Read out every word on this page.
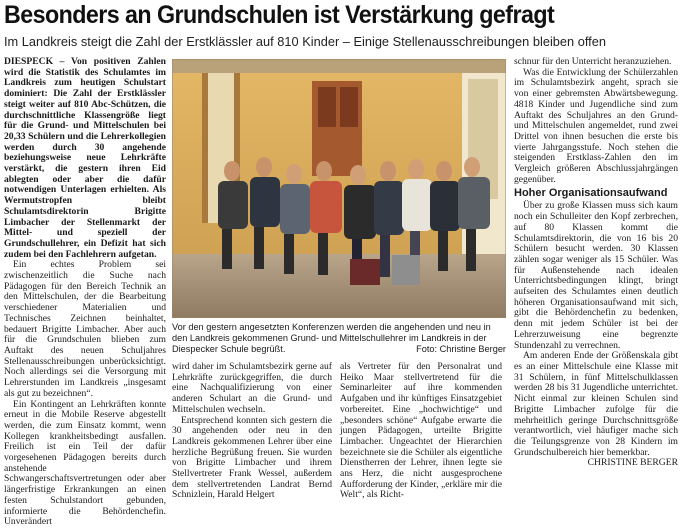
Besonders an Grundschulen ist Verstärkung gefragt
Im Landkreis steigt die Zahl der Erstklässler auf 810 Kinder – Einige Stellenausschreibungen bleiben offen

DIESPECK – Von positiven Zahlen wird die Statistik des Schulamtes im Landkreis zum heutigen Schulstart dominiert: Die Zahl der Erstklässler steigt weiter auf 810 Abc-Schützen, die durchschnittliche Klassengröße liegt für die Grund- und Mittelschulen bei 20,33 Schülern und die Lehrerkollegien werden durch 30 angehende beziehungsweise neue Lehrkräfte verstärkt, die gestern ihren Eid ablegten oder aber die dafür notwendigen Unterlagen erhielten. Als Wermutstropfen bleibt Schulamtsdirektorin Brigitte Limbacher der Stellenmarkt der Mittel- und speziell der Grundschullehrer, ein Defizit hat sich zudem bei den Fachlehrern aufgetan.

Ein echtes Problem sei zwischenzeitlich die Suche nach Pädagogen für den Bereich Technik an den Mittelschulen, der die Bearbeitung verschiedener Materialien und Technisches Zeichnen beinhaltet, bedauert Brigitte Limbacher. Aber auch für die Grundschulen blieben zum Auftakt des neuen Schuljahres Stellenausschreibungen unberücksichtigt. Noch allerdings sei die Versorgung mit Lehrerstunden im Landkreis „insgesamt als gut zu bezeichnen“.

Ein Kontingent an Lehrkräften konnte erneut in die Mobile Reserve abgestellt werden, die zum Einsatz kommt, wenn Kollegen krankheitsbedingt ausfallen. Freilich ist ein Teil der dafür vorgesehenen Pädagogen bereits durch anstehende Schwangerschaftsvertretungen oder aber längerfristige Erkrankungen an einen festen Schulstandort gebunden, informierte die Behördenchefin. Unverändert

Vor den gestern angesetzten Konferenzen werden die angehenden und neu in den Landkreis gekommenen Grund- und Mittelschullehrer im Landkreis in der Diespecker Schule begrüßt.	Foto: Christine Berger

wird daher im Schulamtsbezirk gerne auf Lehrkräfte zurückgegriffen, die durch eine Nachqualifizierung von einer anderen Schulart an die Grund- und Mittelschulen wechseln.

Entsprechend konnten sich gestern die 30 angehenden oder neu in den Landkreis gekommenen Lehrer über eine herzliche Begrüßung freuen. Sie wurden von Brigitte Limbacher und ihrem Stellvertreter Frank Wessel, außerdem dem stellvertretenden Landrat Bernd Schnizlein, Harald Helgert

als Vertreter für den Personalrat und Heiko Maar stellvertretend für die Seminarleiter auf ihre kommenden Aufgaben und ihr künftiges Einsatzgebiet vorbereitet. Eine „hochwichtige“ und „besonders schöne“ Aufgabe erwarte die jungen Pädagogen, urteilte Brigitte Limbacher. Ungeachtet der Hierarchien bezeichnete sie die Schüler als eigentliche Dienstherren der Lehrer, ihnen legte sie ans Herz, die nicht ausgesprochene Aufforderung der Kinder, „erkläre mir die Welt“, als Richt-

schnur für den Unterricht heranzuziehen.

Was die Entwicklung der Schülerzahlen im Schulamtsbezirk angeht, sprach sie von einer gebremsten Abwärtsbewegung. 4818 Kinder und Jugendliche sind zum Auftakt des Schuljahres an den Grund- und Mittelschulen angemeldet, rund zwei Drittel von ihnen besuchen die erste bis vierte Jahrgangsstufe. Noch stehen die steigenden Erstklass-Zahlen den im Vergleich größeren Abschlussjahrgängen gegenüber.

Hoher Organisationsaufwand

Über zu große Klassen muss sich kaum noch ein Schulleiter den Kopf zerbrechen, auf 80 Klassen kommt die Schulamtsdirektorin, die von 16 bis 20 Schülern besucht werden. 30 Klassen zählen sogar weniger als 15 Schüler. Was für Außenstehende nach idealen Unterrichtsbedingungen klingt, bringt aufseiten des Schulamtes einen deutlich höheren Organisationsaufwand mit sich, gibt die Behördenchefin zu bedenken, denn mit jedem Schüler ist bei der Lehrerzuweisung eine begrenzte Stundenzahl zu verrechnen.

Am anderen Ende der Größenskala gibt es an einer Mittelschule eine Klasse mit 31 Schülern, in fünf Mittelschulklassen werden 28 bis 31 Jugendliche unterrichtet. Nicht einmal zur kleinen Schulen sind Brigitte Limbacher zufolge für die mehrheitlich geringe Durchschnittsgröße verantwortlich, viel häufiger mache sich die Teilungsgrenze von 28 Kindern im Grundschulbereich hier bemerkbar.

CHRISTINE BERGER
